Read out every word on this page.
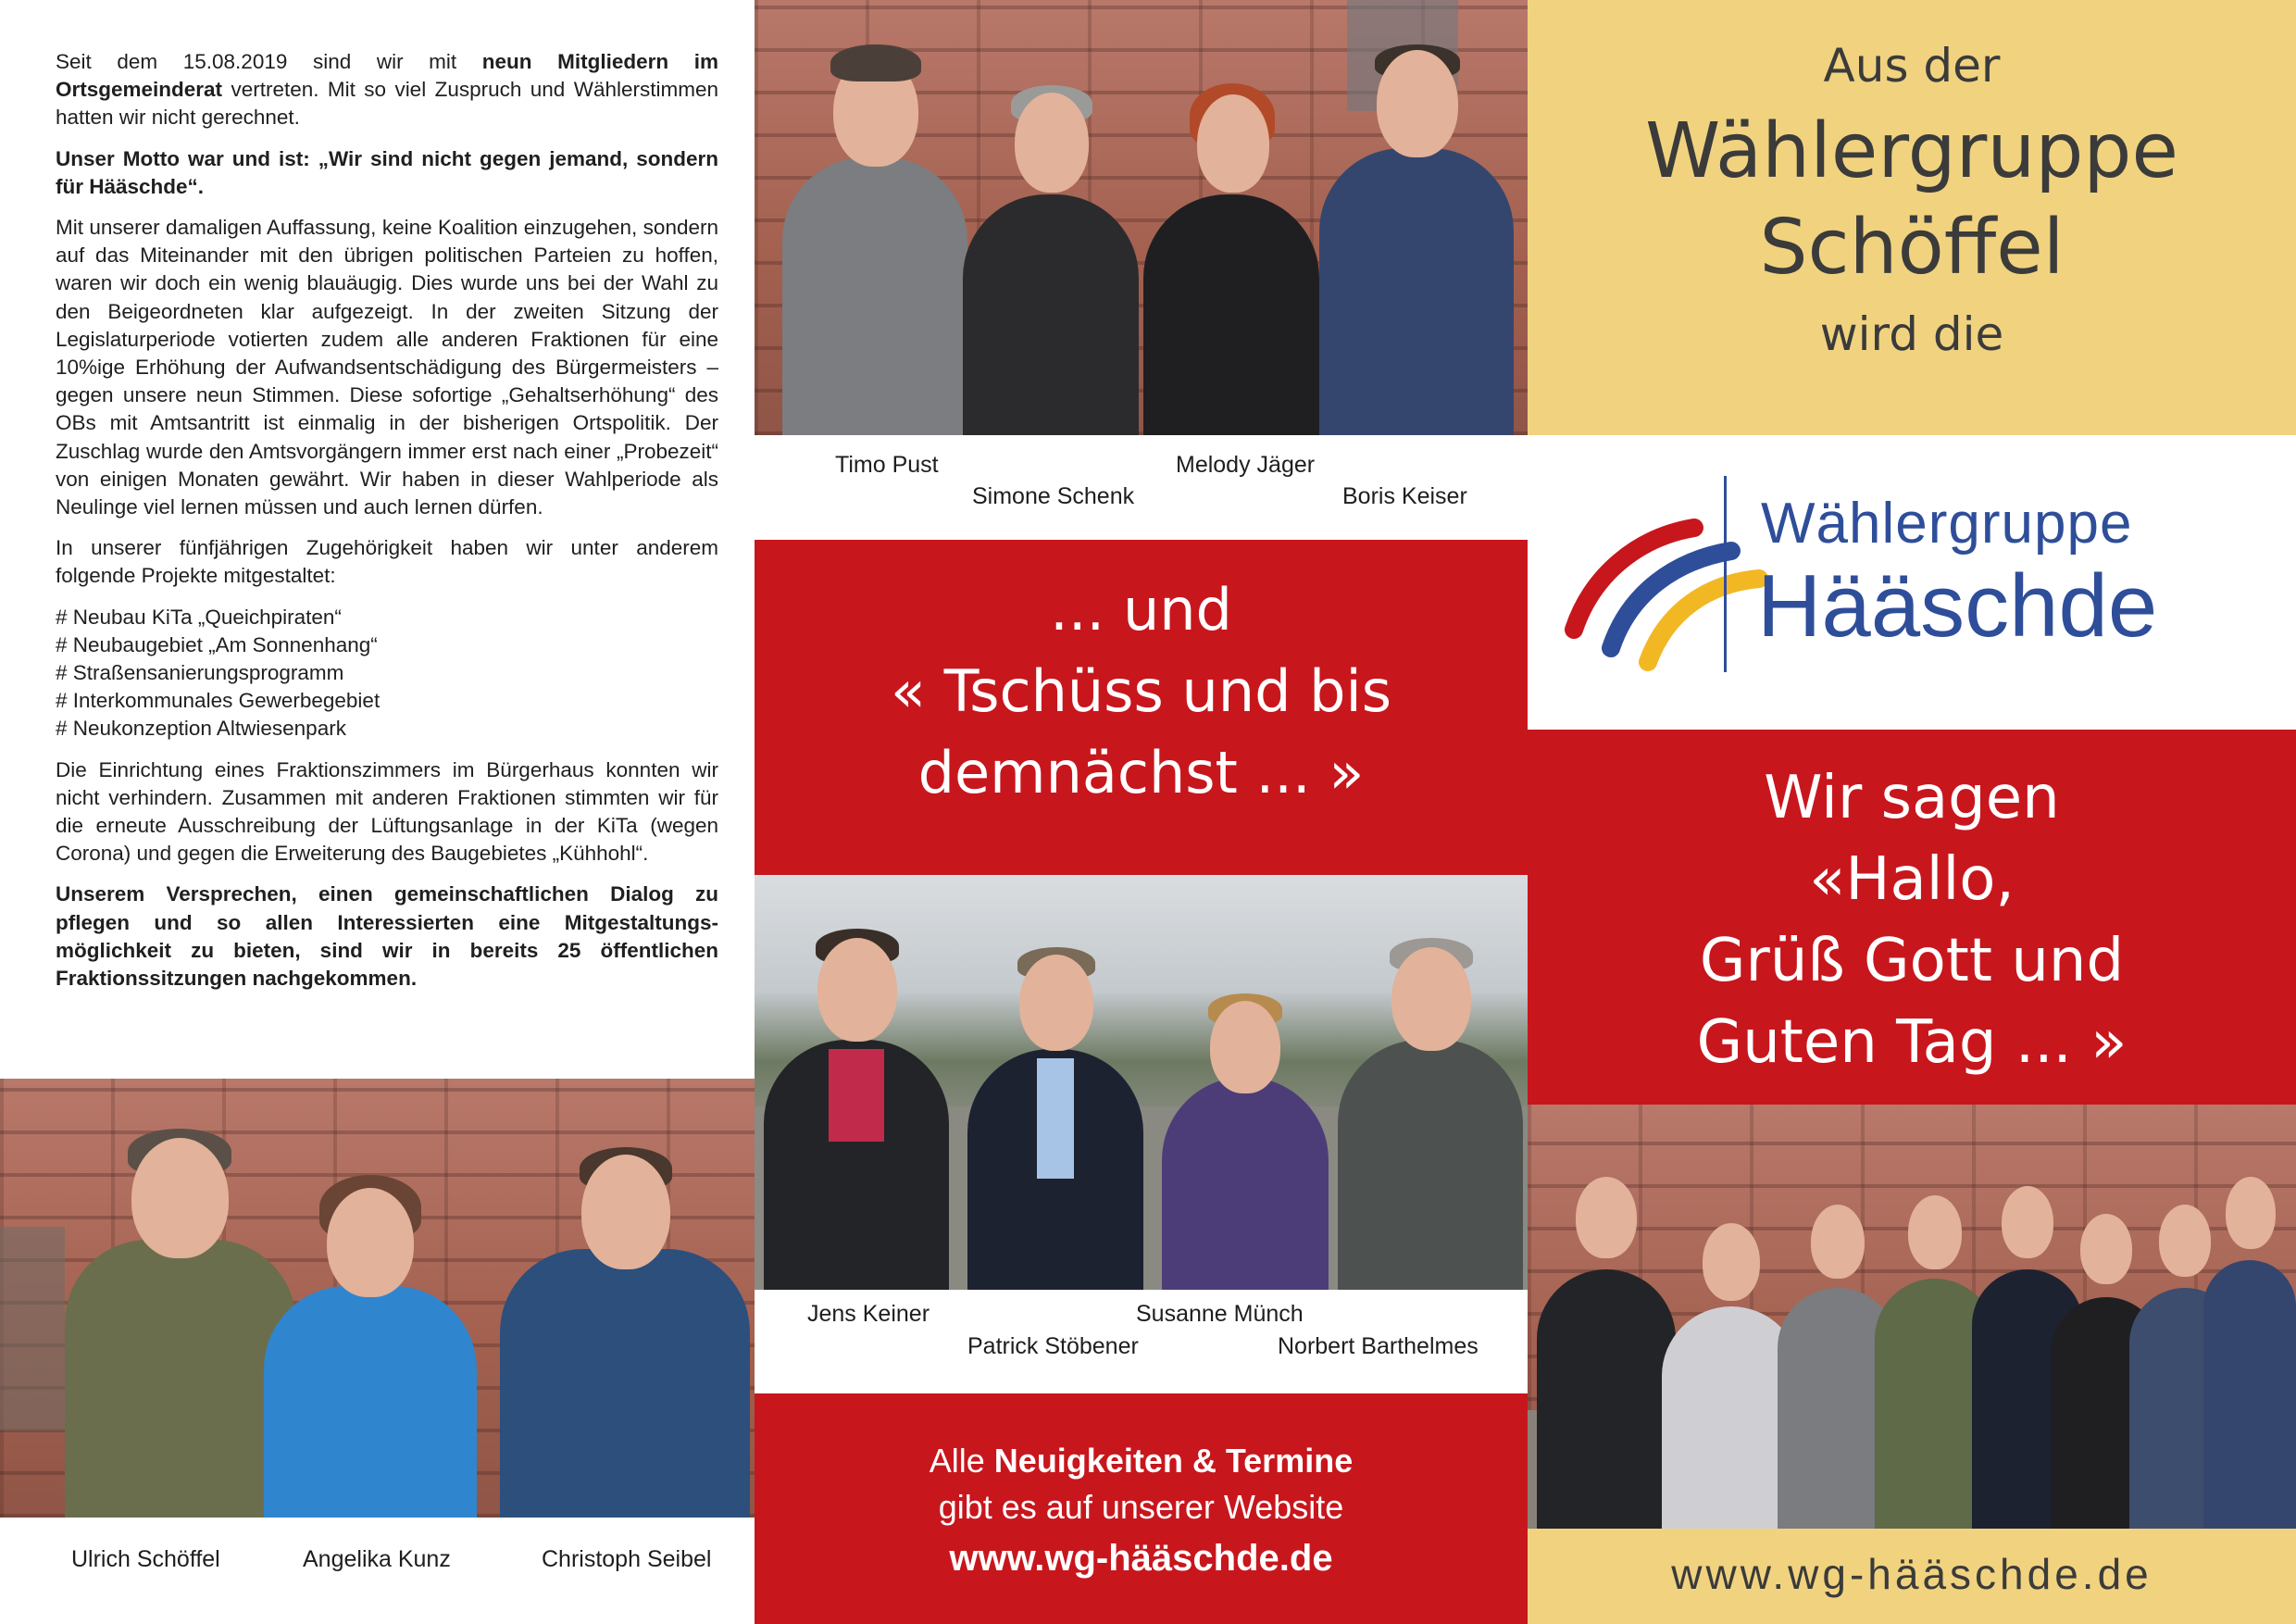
Seit dem 15.08.2019 sind wir mit neun Mitgliedern im Ortsgemeinderat vertreten. Mit so viel Zuspruch und Wählerstimmen hatten wir nicht gerechnet.

Unser Motto war und ist: „Wir sind nicht gegen jemand, sondern für Hääschde“.

Mit unserer damaligen Auffassung, keine Koalition einzugehen, sondern auf das Miteinander mit den übrigen politischen Parteien zu hoffen, waren wir doch ein wenig blauäugig. Dies wurde uns bei der Wahl zu den Beigeordneten klar aufgezeigt. In der zweiten Sitzung der Legislaturperiode votierten zudem alle anderen Fraktionen für eine 10%ige Erhöhung der Aufwandsentschädigung des Bürgermeisters – gegen unsere neun Stimmen. Diese sofortige „Gehaltserhöhung“ des OBs mit Amtsantritt ist einmalig in der bisherigen Ortspolitik. Der Zuschlag wurde den Amtsvorgängern immer erst nach einer „Probezeit“ von einigen Monaten gewährt. Wir haben in dieser Wahlperiode als Neulinge viel lernen müssen und auch lernen dürfen.

In unserer fünfjährigen Zugehörigkeit haben wir unter anderem folgende Projekte mitgestaltet:

# Neubau KiTa „Queichpiraten“
# Neubaugebiet „Am Sonnenhang“
# Straßensanierungsprogramm
# Interkommunales Gewerbegebiet
# Neukonzeption Altwiesenpark

Die Einrichtung eines Fraktionszimmers im Bürgerhaus konnten wir nicht verhindern. Zusammen mit anderen Fraktionen stimmten wir für die erneute Ausschreibung der Lüftungsanlage in der KiTa (wegen Corona) und gegen die Erweiterung des Baugebietes „Kühhohl“.

Unserem Versprechen, einen gemeinschaftlichen Dialog zu pflegen und so allen Interessierten eine Mitgestaltungs-möglichkeit zu bieten, sind wir in bereits 25 öffentlichen Fraktionssitzungen nachgekommen.

Ulrich Schöffel	Angelika Kunz	Christoph Seibel
Timo Pust
Simone Schenk
Melody Jäger
Boris Keiser
... und
« Tschüss und bis
demnächst ... »
Jens Keiner
Patrick Stöbener
Susanne Münch
Norbert Barthelmes
Alle Neuigkeiten & Termine
gibt es auf unserer Website
www.wg-hääschde.de
Aus der
Wählergruppe
Schöffel
wird die
Wählergruppe
Hääschde
Wir sagen
«Hallo,
Grüß Gott und
Guten Tag ... »
www.wg-hääschde.de
